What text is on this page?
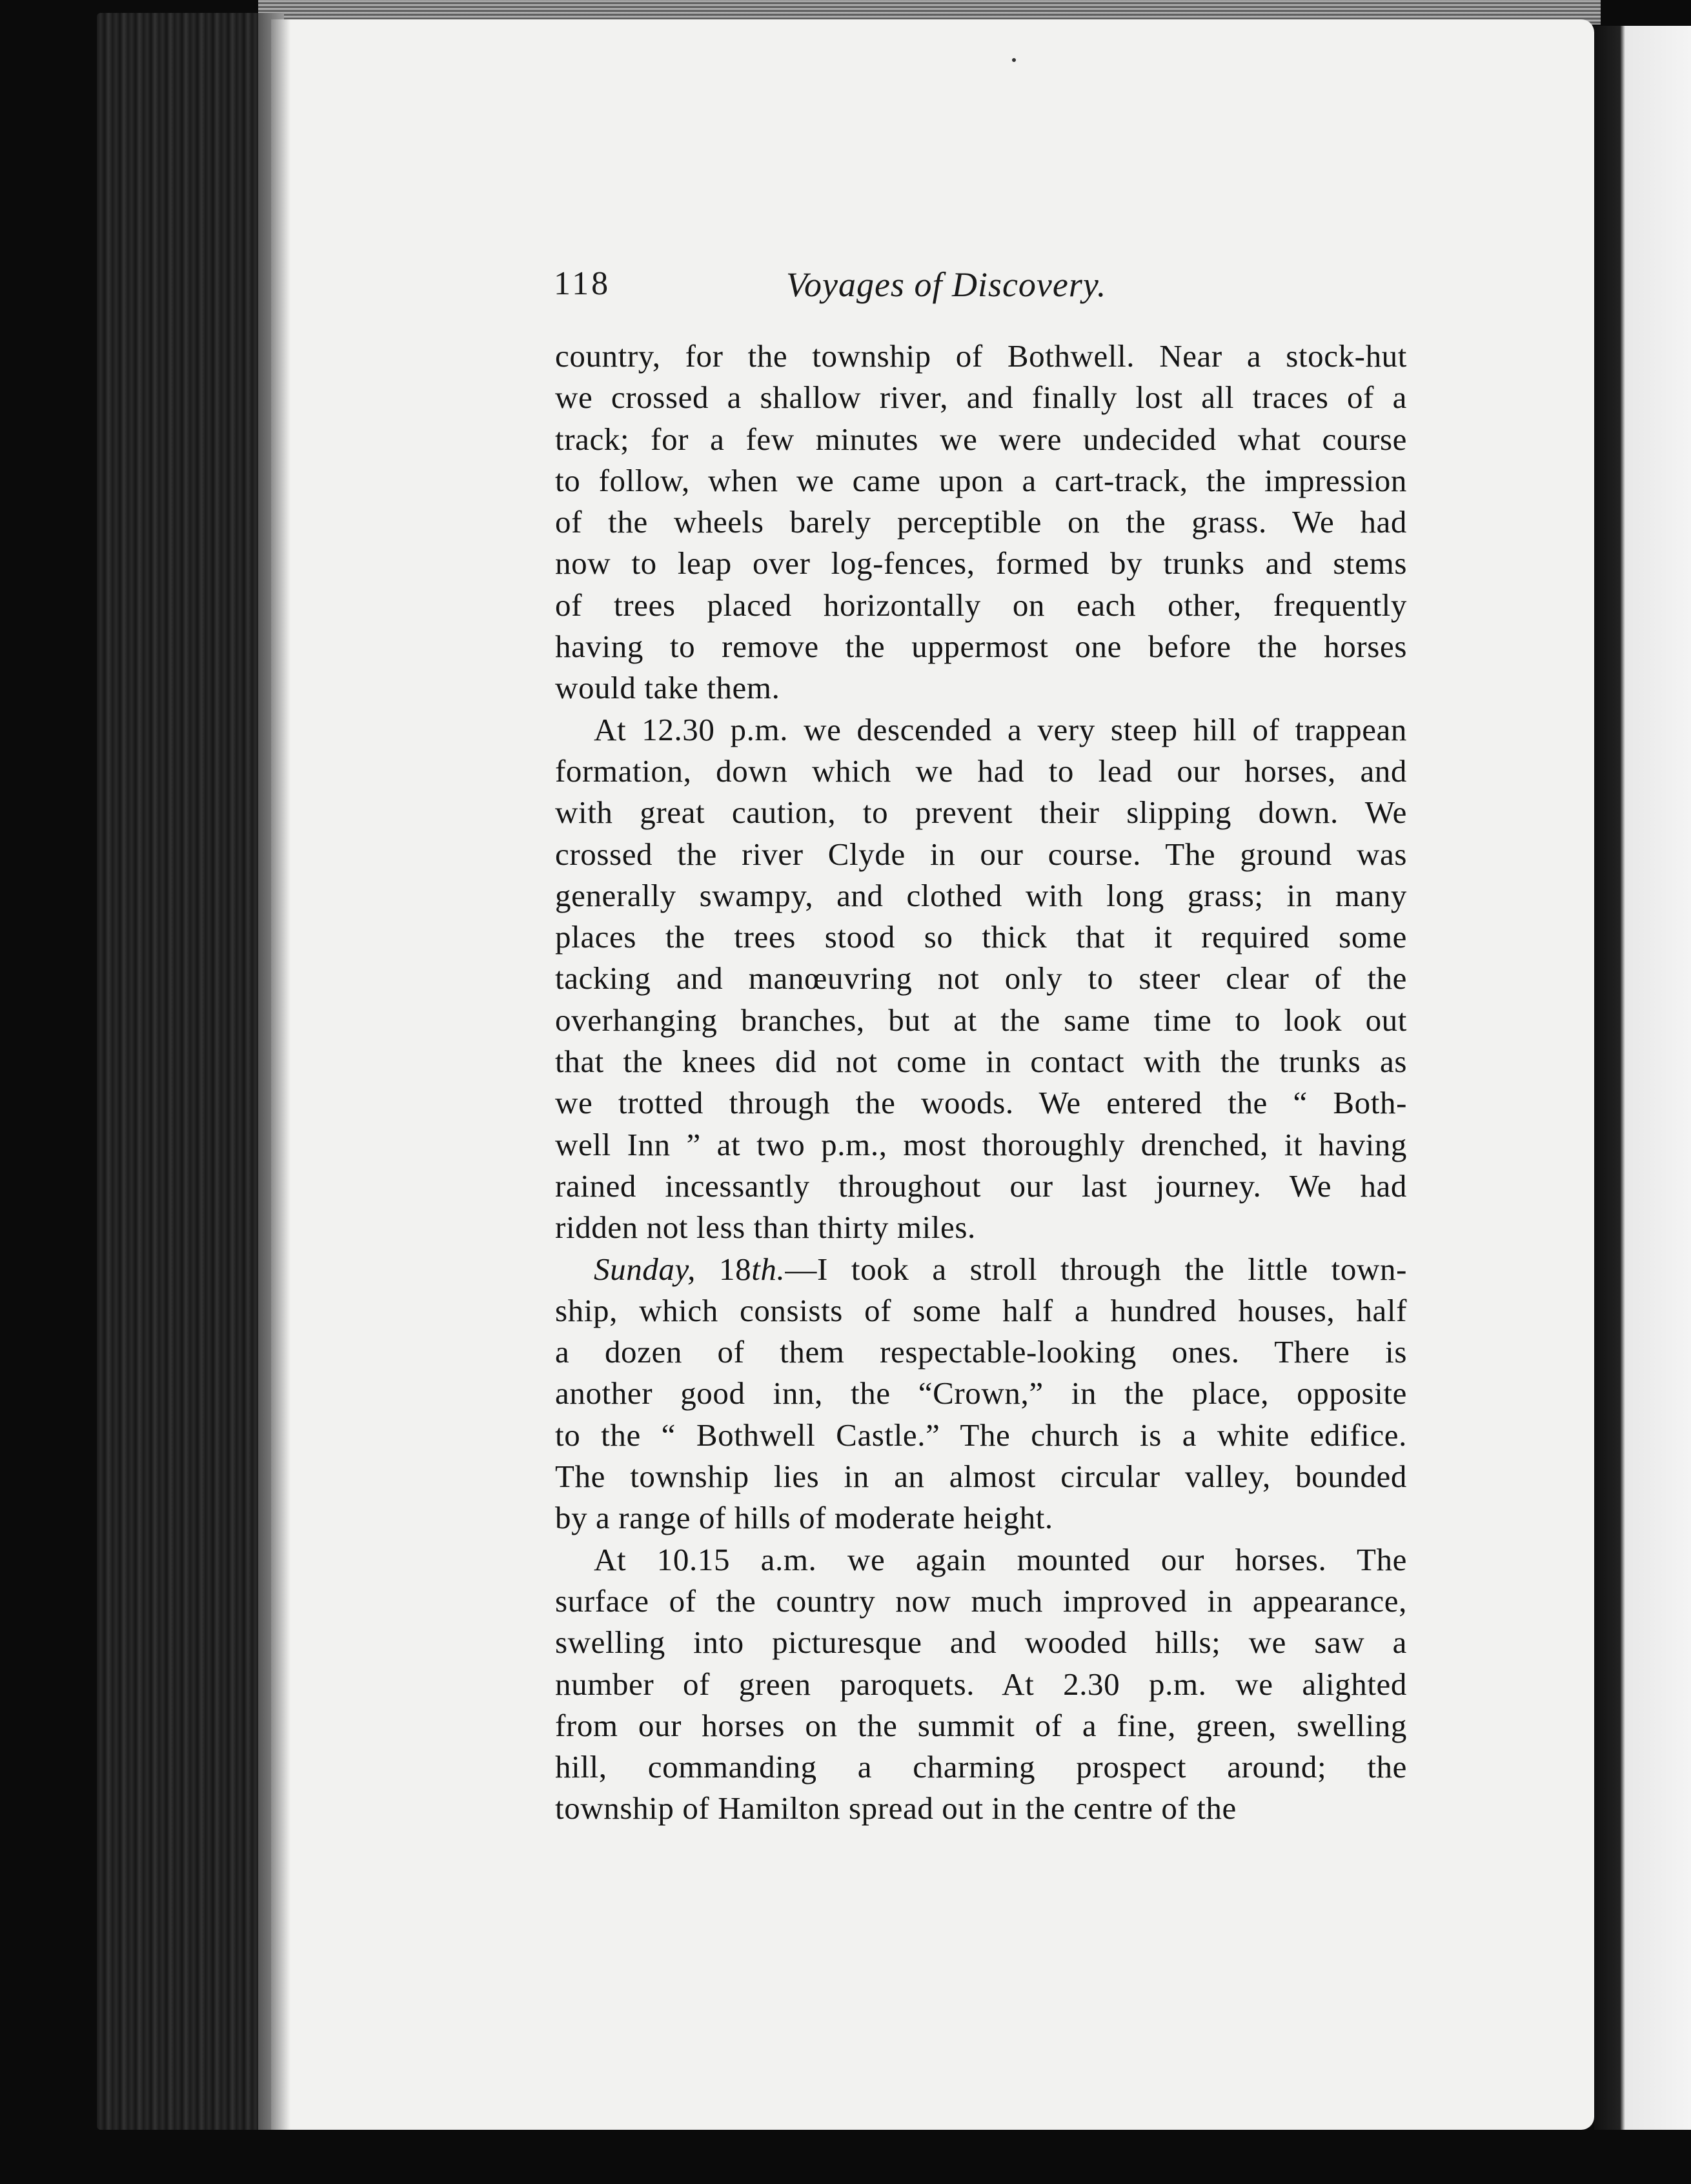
118	Voyages of Discovery.
country, for the township of Bothwell. Near a stock-hut
we crossed a shallow river, and finally lost all traces of a
track; for a few minutes we were undecided what course
to follow, when we came upon a cart-track, the impression
of the wheels barely perceptible on the grass. We had
now to leap over log-fences, formed by trunks and stems
of trees placed horizontally on each other, frequently
having to remove the uppermost one before the horses
would take them.
At 12.30 p.m. we descended a very steep hill of trappean
formation, down which we had to lead our horses, and
with great caution, to prevent their slipping down. We
crossed the river Clyde in our course. The ground was
generally swampy, and clothed with long grass; in many
places the trees stood so thick that it required some
tacking and manœuvring not only to steer clear of the
overhanging branches, but at the same time to look out
that the knees did not come in contact with the trunks as
we trotted through the woods. We entered the “ Both-
well Inn ” at two p.m., most thoroughly drenched, it having
rained incessantly throughout our last journey. We had
ridden not less than thirty miles.
Sunday, 18th.—I took a stroll through the little town-
ship, which consists of some half a hundred houses, half
a dozen of them respectable-looking ones. There is
another good inn, the “Crown,” in the place, opposite
to the “ Bothwell Castle.” The church is a white edifice.
The township lies in an almost circular valley, bounded
by a range of hills of moderate height.
At 10.15 a.m. we again mounted our horses. The
surface of the country now much improved in appearance,
swelling into picturesque and wooded hills; we saw a
number of green paroquets. At 2.30 p.m. we alighted
from our horses on the summit of a fine, green, swelling
hill, commanding a charming prospect around; the
township of Hamilton spread out in the centre of the
